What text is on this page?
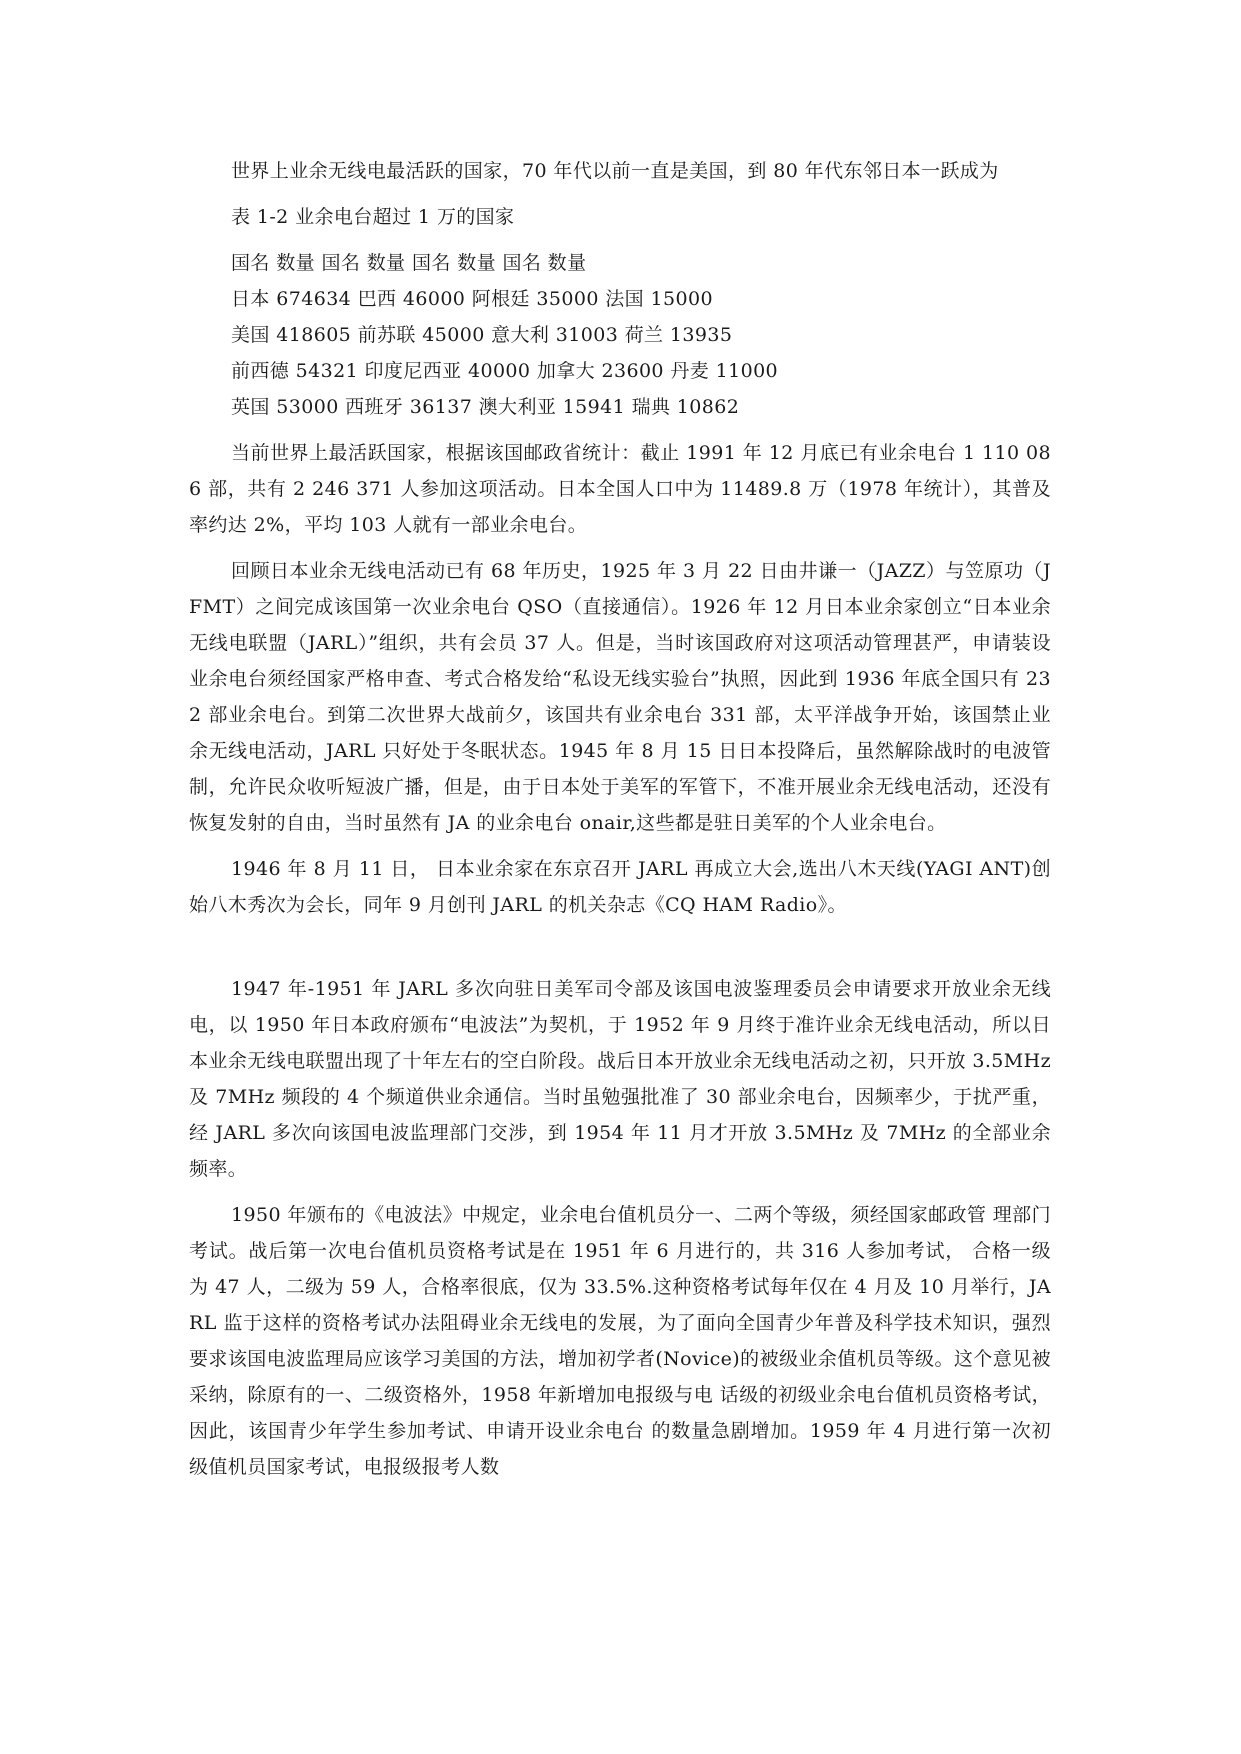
世界上业余无线电最活跃的国家，70 年代以前一直是美国，到 80 年代东邻日本一跃成为

表 1-2 业余电台超过 1 万的国家
国名 数量 国名 数量 国名 数量 国名 数量
日本 674634 巴西 46000 阿根廷 35000 法国 15000
美国 418605 前苏联 45000 意大利 31003 荷兰 13935
前西德 54321 印度尼西亚 40000 加拿大 23600 丹麦 11000
英国 53000 西班牙 36137 澳大利亚 15941 瑞典 10862

当前世界上最活跃国家，根据该国邮政省统计：截止 1991 年 12 月底已有业余电台 1 110 086 部，共有 2 246 371 人参加这项活动。日本全国人口中为 11489.8 万（1978 年统计），其普及率约达 2%，平均 103 人就有一部业余电台。

回顾日本业余无线电活动已有 68 年历史，1925 年 3 月 22 日由井谦一（JAZZ）与笠原功（JFMT）之间完成该国第一次业余电台 QSO（直接通信）。1926 年 12 月日本业余家创立“日本业余无线电联盟（JARL）”组织，共有会员 37 人。但是，当时该国政府对这项活动管理甚严，申请装设业余电台须经国家严格申查、考式合格发给“私设无线实验台”执照，因此到 1936 年底全国只有 232 部业余电台。到第二次世界大战前夕，该国共有业余电台 331 部，太平洋战争开始，该国禁止业余无线电活动，JARL 只好处于冬眠状态。1945 年 8 月 15 日日本投降后，虽然解除战时的电波管制，允许民众收听短波广播，但是，由于日本处于美军的军管下，不准开展业余无线电活动，还没有恢复发射的自由，当时虽然有 JA 的业余电台 onair,这些都是驻日美军的个人业余电台。

1946 年 8 月 11 日， 日本业余家在东京召开 JARL 再成立大会,选出八木天线(YAGI ANT)创始八木秀次为会长，同年 9 月创刊 JARL 的机关杂志《CQ HAM Radio》。

1947 年-1951 年 JARL 多次向驻日美军司令部及该国电波鉴理委员会申请要求开放业余无线电，以 1950 年日本政府颁布“电波法”为契机，于 1952 年 9 月终于准许业余无线电活动，所以日本业余无线电联盟出现了十年左右的空白阶段。战后日本开放业余无线电活动之初，只开放 3.5MHz 及 7MHz 频段的 4 个频道供业余通信。当时虽勉强批准了 30 部业余电台，因频率少，于扰严重，经 JARL 多次向该国电波监理部门交涉，到 1954 年 11 月才开放 3.5MHz 及 7MHz 的全部业余频率。

1950 年颁布的《电波法》中规定，业余电台值机员分一、二两个等级，须经国家邮政管 理部门考试。战后第一次电台值机员资格考试是在 1951 年 6 月进行的，共 316 人参加考试， 合格一级为 47 人，二级为 59 人，合格率很底，仅为 33.5%.这种资格考试每年仅在 4 月及 10 月举行，JARL 监于这样的资格考试办法阻碍业余无线电的发展，为了面向全国青少年普及科学技术知识，强烈要求该国电波监理局应该学习美国的方法，增加初学者(Novice)的被级业余值机员等级。这个意见被采纳，除原有的一、二级资格外，1958 年新增加电报级与电 话级的初级业余电台值机员资格考试，因此，该国青少年学生参加考试、申请开设业余电台 的数量急剧增加。1959 年 4 月进行第一次初级值机员国家考试，电报级报考人数
